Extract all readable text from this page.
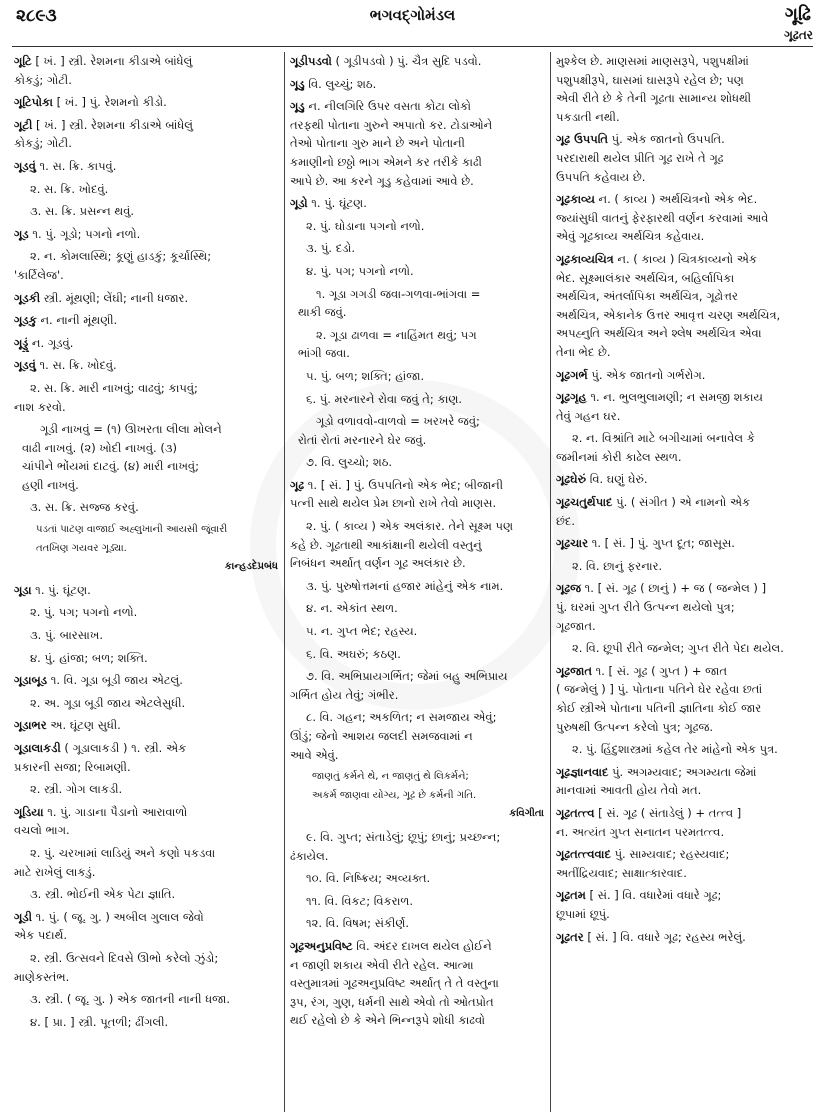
૨૮૯૩	ભગવદ્ગોમંડલ	ગૂઢિ
ગૂઢતર
ગૂટિ [ ખં. ] સ્ત્રી. રેશમના કીડાએ બાંધેલું
કોકડું; ગોટી.
ગૂટિપોકા [ ખં. ] પું. રેશમનો કીડો.
ગૂટી [ ખં. ] સ્ત્રી. રેશમના કીડાએ બાંધેલું
કોકડું; ગોટી.
ગૂડવું ૧. સ. ક્રિ. કાપવું.
૨. સ. ક્રિ. ખોદવું.
૩. સ. ક્રિ. પ્રસન્ન થવું.
ગૂડ ૧. પું. ગૂડો; પગનો નળો.
૨. ન. કોમલાસ્થિ; કૂણું હાડકું; કૂર્ચાસ્થિ;
'કાર્ટિલેજ'.
ગૂડકી સ્ત્રી. મૂંથણી; લેંઘી; નાની ધજાર.
ગૂડકુ ન. નાની મૂંથણી.
ગૂડ્ડું ન. ગૂડવું.
ગૂડવું ૧. સ. ક્રિ. ખોદવું.
૨. સ. ક્રિ. મારી નાખવું; વાઢવું; કાપવું;
નાશ કરવો.
ગૂડી નાખવું = (૧) ઊખરતા લીલા મોલને
વાઢી નાખવું. (૨) ખોદી નાખવું. (૩)
ચાંપીને ભોંયમાં દાટવું. (૪) મારી નાખવું;
હણી નાખવું.
૩. સ. ક્રિ. સજ્જ કરવું.
પડતાં પાટણ વાજાઈ અહ્લુખાની આયસી જૂંવારી
તતખિણ ગયવર ગૂડ્યા.
કાન્હડદેપ્રબંધ
ગૂડા ૧. પું. ઘૂંટણ.
૨. પું. પગ; પગનો નળો.
૩. પું. બારસાખ.
૪. પું. હાંજા; બળ; શક્તિ.
ગૂડાબૂડ ૧. વિ. ગૂડા બૂડી જાય એટલું.
૨. અ. ગૂડા બૂડી જાય એટલેસુધી.
ગૂડાભર અ. ઘૂંટણ સુધી.
ગૂડાલાકડી ( ગૂડાલાકડી ) ૧. સ્ત્રી. એક
પ્રકારની સજા; રિબામણી.
૨. સ્ત્રી. ગોગ લાકડી.
ગૂડિયા ૧. પું. ગાડાના પૈડાનો આરાવાળો
વચલો ભાગ.
૨. પું. ચરખામાં લાડિયું અને કણો પકડવા
માટે રાખેલું લાકડું.
૩. સ્ત્રી. ભોઈની એક પેટા જ્ઞાતિ.
ગૂડી ૧. પું. ( જૂ. ગુ. ) અબીલ ગુલાલ જેવો
એક પદાર્થ.
૨. સ્ત્રી. ઉત્સવને દિવસે ઊભો કરેલો ઝુંડો;
માણેકસ્તંભ.
૩. સ્ત્રી. ( જૂ. ગુ. ) એક જાતની નાની ધજા.
૪. [ પ્રા. ] સ્ત્રી. પૂતળી; ઢીંગલી.
ગૂડીપડવો ( ગૂડીપડવો ) પું. ચૈત્ર સુદિ પડવો.
ગૂડુ વિ. લુચ્ચું; શઠ.
ગૂડુ ન. નીલગિરિ ઉપર વસતા કોટા લોકો
તરફથી પોતાના ગુરુને અપાતો કર. ટોડાઓને
તેઓ પોતાના ગુરુ માને છે અને પોતાની
કમાણીનો છઠ્ઠો ભાગ એમને કર તરીકે કાઢી
આપે છે. આ કરને ગૂડુ કહેવામાં આવે છે.
ગૂડો ૧. પું. ઘૂંટણ.
૨. પું. ઘોડાના પગનો નળો.
૩. પું. દડો.
૪. પું. પગ; પગનો નળો.
૧. ગૂડા ગગડી જવા-ગળવા-ભાંગવા =
થાકી જવું.
૨. ગૂડા ઢાળવા = નાહિંમત થવું; પગ
ભાંગી જવા.
૫. પું. બળ; શક્તિ; હાંજા.
૬. પું. મરનારને રોવા જવું તે; કાણ.
ગૂડો વળાવવો-વાળવો = ખરખરે જવું;
રોતાં રોતાં મરનારને ઘેર જવું.
૭. વિ. લુચ્ચો; શઠ.
ગૂઢ ૧. [ સં. ] પું. ઉપપતિનો એક ભેદ; બીજાની
પત્ની સાથે થયેલ પ્રેમ છાનો રાખે તેવો માણસ.
૨. પું. ( કાવ્ય ) એક અલંકાર. તેને સૂક્ષ્મ પણ
કહે છે. ગૂઢતાથી આકાંક્ષાની થયેલી વસ્તુનું
નિબંધન અર્થાત્ વર્ણન ગૂઢ અલંકાર છે.
૩. પું. પુરુષોત્તમનાં હજાર માંહેનું એક નામ.
૪. ન. એકાંત સ્થળ.
૫. ન. ગુપ્ત ભેદ; રહસ્ય.
૬. વિ. અઘરું; કઠણ.
૭. વિ. અભિપ્રાયગર્ભિત; જેમાં બહુ અભિપ્રાય
ગર્ભિત હોય તેવું; ગંભીર.
૮. વિ. ગહન; અકળિત; ન સમજાય એવું;
ઊંડું; જેનો આશય જલદી સમજવામાં ન
આવે એવું.
જાણતું કર્મને થે, ન જાણતું થે લિકર્મને;
અકર્મ જાણવા યોગ્ય, ગૂઢ છે કર્મની ગતિ.
કવિગીતા
૯. વિ. ગુપ્ત; સંતાડેલું; છૂપું; છાનું; પ્રચ્છન્ન;
ઢંકાયેલ.
૧૦. વિ. નિષ્ક્રિય; અવ્યક્ત.
૧૧. વિ. વિકટ; વિકરાળ.
૧૨. વિ. વિષમ; સંકીર્ણ.
ગૂઢઅનુપ્રવિષ્ટ વિ. અંદર દાખલ થયેલ હોઈને
ન જાણી શકાય એવી રીતે રહેલ. આત્મા
વસ્તુમાત્રમાં ગૂઢઅનુપ્રવિષ્ટ અર્થાત્ તે તે વસ્તુના
રૂપ, રંગ, ગુણ, ધર્મની સાથે એવો તો ઓતપ્રોત
થઈ રહેલો છે કે એને ભિન્નરૂપે શોધી કાઢવો
મુશ્કેલ છે. માણસમાં માણસરૂપે, પશુપક્ષીમાં
પશુપક્ષીરૂપે, ઘાસમાં ઘાસરૂપે રહેલ છે; પણ
એવી રીતે છે કે તેની ગૂઢતા સામાન્ય શોધથી
પકડાતી નથી.
ગૂઢ ઉપપતિ પું. એક જાતનો ઉપપતિ.
પરદારાથી થયેલ પ્રીતિ ગૂઢ રાખે તે ગૂઢ
ઉપપતિ કહેવાય છે.
ગૂઢકાવ્ય ન. ( કાવ્ય ) અર્થચિત્રનો એક ભેદ.
જ્યાંસુધી વાતનું ફેરફારથી વર્ણન કરવામાં આવે
એવું ગૂઢકાવ્ય અર્થચિત્ર કહેવાય.
ગૂઢકાવ્યચિત્ર ન. ( કાવ્ય ) ચિત્રકાવ્યનો એક
ભેદ. સૂક્ષ્માલંકાર અર્થચિત્ર, બહિર્લાપિકા
અર્થચિત્ર, અંતર્લાપિકા અર્થચિત્ર, ગૂઢોત્તર
અર્થચિત્ર, એકાનેક ઉત્તર આવૃત્ત ચરણ અર્થચિત્ર,
અપહ્નુતિ અર્થચિત્ર અને શ્લેષ અર્થચિત્ર એવા
તેના ભેદ છે.
ગૂઢગર્ભ પું. એક જાતનો ગર્ભરોગ.
ગૂઢગૃહ ૧. ન. ભુલભુલામણી; ન સમજી શકાય
તેવું ગહન ઘર.
૨. ન. વિશ્રાંતિ માટે બગીચામાં બનાવેલ કે
જમીનમાં કોરી કાઢેલ સ્થળ.
ગૂઢઘેરું વિ. ઘણું ઘેરું.
ગૂઢચતુર્થપાદ પું. ( સંગીત ) એ નામનો એક
છંદ.
ગૂઢચાર ૧. [ સં. ] પું. ગુપ્ત દૂત; જાસૂસ.
૨. વિ. છાનું ફરનાર.
ગૂઢજ ૧. [ સં. ગૂઢ ( છાનું ) + જ ( જન્મેલ ) ]
પું. ઘરમાં ગુપ્ત રીતે ઉત્પન્ન થયેલો પુત્ર;
ગૂઢજાત.
૨. વિ. છૂપી રીતે જન્મેલ; ગુપ્ત રીતે પેદા થયેલ.
ગૂઢજાત ૧. [ સં. ગૂઢ ( ગુપ્ત ) + જાત
( જન્મેલું ) ] પું. પોતાના પતિને ઘેર રહેવા છતાં
કોઈ સ્ત્રીએ પોતાના પતિની જ્ઞાતિના કોઈ જાર
પુરુષથી ઉત્પન્ન કરેલો પુત્ર; ગૂઢજ.
૨. પું. હિંદુશાસ્ત્રમાં કહેલ તેર માંહેનો એક પુત્ર.
ગૂઢજ્ઞાનવાદ પું. અગમ્યવાદ; અગમ્યતા જેમાં
માનવામાં આવતી હોય તેવો મત.
ગૂઢતત્ત્વ [ સં. ગૂઢ ( સંતાડેલું ) + તત્ત્વ ]
ન. અત્યંત ગુપ્ત સનાતન પરમતત્ત્વ.
ગૂઢતત્ત્વવાદ પું. સામ્યવાદ; રહસ્યવાદ;
અતીંદ્રિયવાદ; સાક્ષાત્કારવાદ.
ગૂઢતમ [ સં. ] વિ. વધારેમાં વધારે ગૂઢ;
છૂપામાં છૂપું.
ગૂઢતર [ સં. ] વિ. વધારે ગૂઢ; રહસ્ય ભરેલું.
